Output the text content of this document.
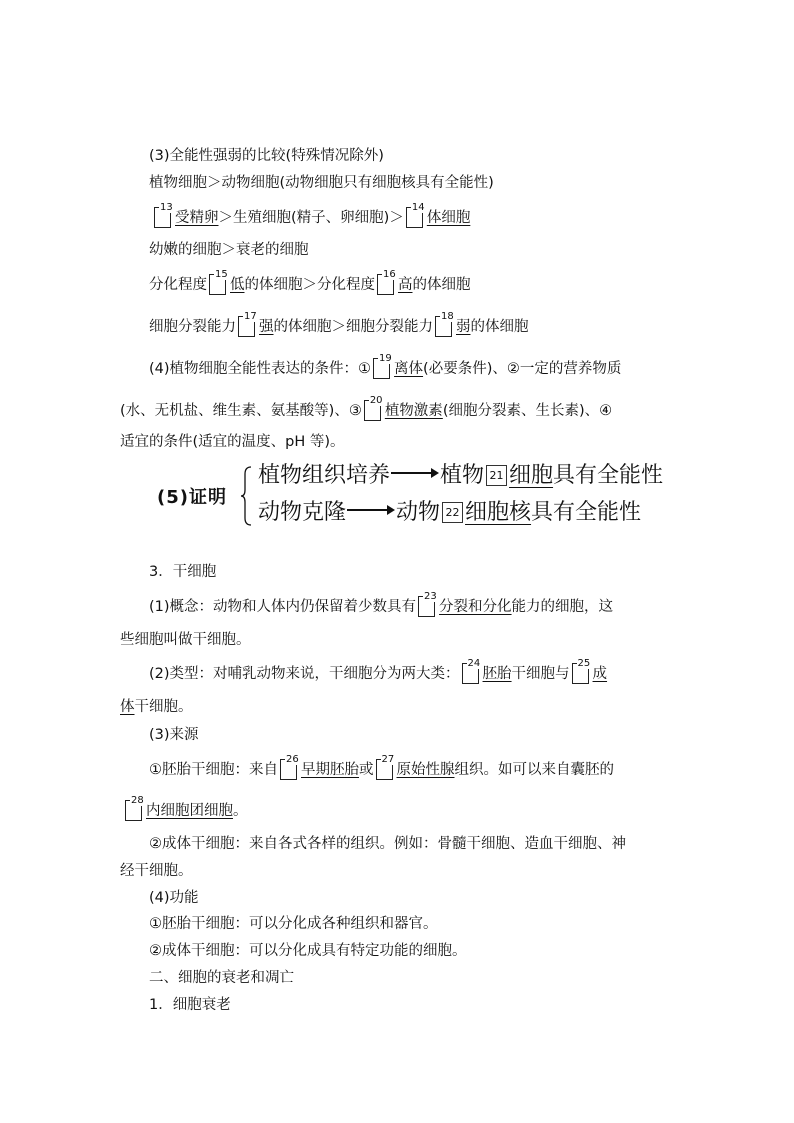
(3)全能性强弱的比较(特殊情况除外)
植物细胞＞动物细胞(动物细胞只有细胞核具有全能性)
13
受精卵＞生殖细胞(精子、卵细胞)＞
14
体细胞
幼嫩的细胞＞衰老的细胞
分化程度
15
低的体细胞＞分化程度
16
高的体细胞
细胞分裂能力
17
强的体细胞＞细胞分裂能力
18
弱的体细胞
(4)植物细胞全能性表达的条件：①
19
离体(必要条件)、②一定的营养物质
(水、无机盐、维生素、氨基酸等)、③
20
植物激素(细胞分裂素、生长素)、④
适宜的条件(适宜的温度、pH 等)。
(5)证明
植物组织培养 植物 21 细胞具有全能性
动物克隆 动物 22 细胞核具有全能性
3．干细胞
(1)概念：动物和人体内仍保留着少数具有
23
分裂和分化能力的细胞，这
些细胞叫做干细胞。
(2)类型：对哺乳动物来说，干细胞分为两大类：
24
胚胎干细胞与
25
成
体干细胞。
(3)来源
①胚胎干细胞：来自
26
早期胚胎或
27
原始性腺组织。如可以来自囊胚的
28
内细胞团细胞。
②成体干细胞：来自各式各样的组织。例如：骨髓干细胞、造血干细胞、神
经干细胞。
(4)功能
①胚胎干细胞：可以分化成各种组织和器官。
②成体干细胞：可以分化成具有特定功能的细胞。
二、细胞的衰老和凋亡
1．细胞衰老
